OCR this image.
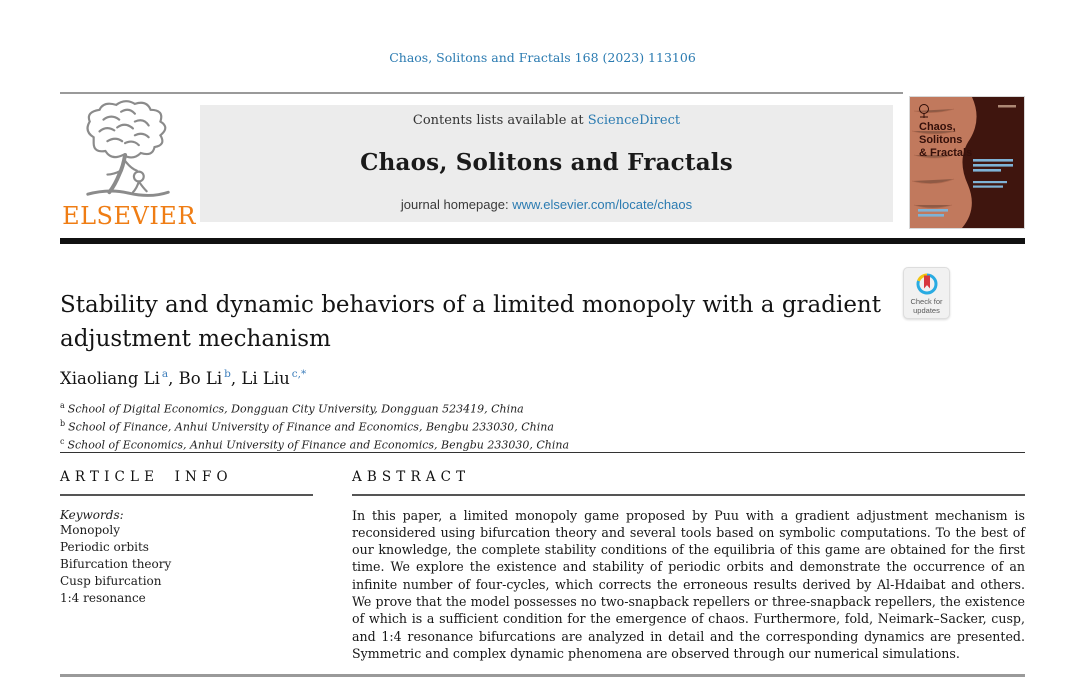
Chaos, Solitons and Fractals 168 (2023) 113106
ELSEVIER
Contents lists available at ScienceDirect
Chaos, Solitons and Fractals
journal homepage: www.elsevier.com/locate/chaos
Chaos,
Solitons
& Fractals
Check for
updates
Stability and dynamic behaviors of a limited monopoly with a gradient adjustment mechanism
Xiaoliang Li $^a$, Bo Li $^b$, Li Liu $^{c,*}$
$^a$ School of Digital Economics, Dongguan City University, Dongguan 523419, China
$^b$ School of Finance, Anhui University of Finance and Economics, Bengbu 233030, China
$^c$ School of Economics, Anhui University of Finance and Economics, Bengbu 233030, China
ARTICLE INFO
Keywords:
Monopoly
Periodic orbits
Bifurcation theory
Cusp bifurcation
1:4 resonance
ABSTRACT

In this paper, a limited monopoly game proposed by Puu with a gradient adjustment mechanism is reconsidered using bifurcation theory and several tools based on symbolic computations. To the best of our knowledge, the complete stability conditions of the equilibria of this game are obtained for the first time. We explore the existence and stability of periodic orbits and demonstrate the occurrence of an infinite number of four-cycles, which corrects the erroneous results derived by Al-Hdaibat and others. We prove that the model possesses no two-snapback repellers or three-snapback repellers, the existence of which is a sufficient condition for the emergence of chaos. Furthermore, fold, Neimark–Sacker, cusp, and 1:4 resonance bifurcations are analyzed in detail and the corresponding dynamics are presented. Symmetric and complex dynamic phenomena are observed through our numerical simulations.
